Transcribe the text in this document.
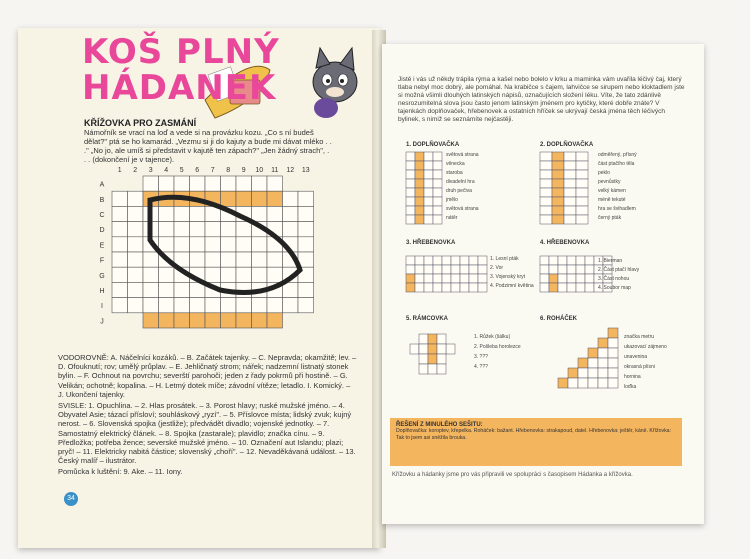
KOŠ PLNÝ
HÁDANEK
KŘÍŽOVKA PRO ZASMÁNÍ
Námořník se vrací na loď a vede si na provázku kozu. „Co s ní budeš dělat?" ptá se ho kamarád. „Vezmu si ji do kajuty a bude mi dávat mléko . . ." „No jo, ale umíš si představit v kajutě ten zápach?" „Jen žádný strach", . . . (dokončení je v tajence).
1 2 3 4 5 6 7 8 9 10 11 12 13
A
B
C
D
E
F
G
H
I
J

VODOROVNĚ: A. Náčelníci kozáků. – B. Začátek tajenky. – C. Nepravda; okamžitě; lev. – D. Ofouknutí; rov; umělý průplav. – E. Jehličnatý strom; nářek; nadzemní listnatý stonek bylin. – F. Ochnout na povrchu; severští parohoči; jeden z řady pokrmů při hostině. – G. Velikán; ochotně; kopalina. – H. Letmý dotek míče; závodní vítěze; letadlo. I. Komický. – J. Ukončení tajenky.

SVISLE: 1. Opuchlina. – 2. Hlas prosátek. – 3. Porost hlavy; ruské mužské jméno. – 4. Obyvatel Asie; tázací přísloví; souhláskový „ryzí". – 5. Příslovce místa; lidský zvuk; kujný nerost. – 6. Slovenská spojka (jestliže); předvádět divadlo; vojenské jednotky. – 7. Samostatný elektrický článek. – 8. Spojka (zastarale); plavidlo; značka cínu. – 9. Předložka; potřeba žence; severské mužské jméno. – 10. Označení aut Islandu; plazi; pryč! – 11. Elektricky nabitá částice; slovenský „choří". – 12. Nevaděkávaná událost. – 13. Český malíř – ilustrátor.

Pomůcka k luštění: 9. Ake. – 11. Iony.

34
Jistě i vás už někdy trápila rýma a kašel nebo bolelo v krku a maminka vám uvařila léčivý čaj, který tlaba nebyl moc dobrý, ale pomáhal. Na krabičce s čajem, lahvičce se sirupem nebo kloktadlem jste si možná všimli dlouhých latinských nápisů, označujících složení léku. Víte, že tato zdánlivě nesrozumitelná slova jsou často jenom latinským jménem pro kytičky, které dobře znáte? V tajenkách doplňovaček, hřebenovek a ostatních hříček se ukrývají česká jména těch léčivých bylinek, s nimiž se seznámíte nejčastěji.
1. DOPLŇOVAČKA	2. DOPLŇOVAČKA
3. HŘEBENOVKA	4. HŘEBENOVKA
5. RÁMCOVKA	6. ROHÁČEK
světová strana
věnecka
staroba
divadelní hra
druh pečiva
jmělo
světová strana
nátěr
odměřený, přísný
část ptačího těla
peklo
pevnůstky
velký kámen
méně tekuté
hra se švihadlem
černý pták
1. Lesní pták
2. Vor
3. Vojenský kryt
4. Podzimní květina
1. Bierman
2. Část ptačí hlavy
3. Část nohou
4. Soubor map
1. Růžek (šálku)
2. Pošleba horolezce
3. ???
4. ???
značka metru
ukazovací zájmeno
unavenina
okrasná plísni
hornina
loďka
ŘEŠENÍ Z MINULÉHO SEŠITU:
Doplňovačka: koroptev, křepelka. Roháček: bažant. Hřebenovka: strakapoud, datel. Hřebenovka: ještěr, káně. Křížovka: Tak to jsem asi sněžila brouka.
Křížovku a hádanky jsme pro vás připravili ve spolupráci s časopisem Hádanka a křížovka.
